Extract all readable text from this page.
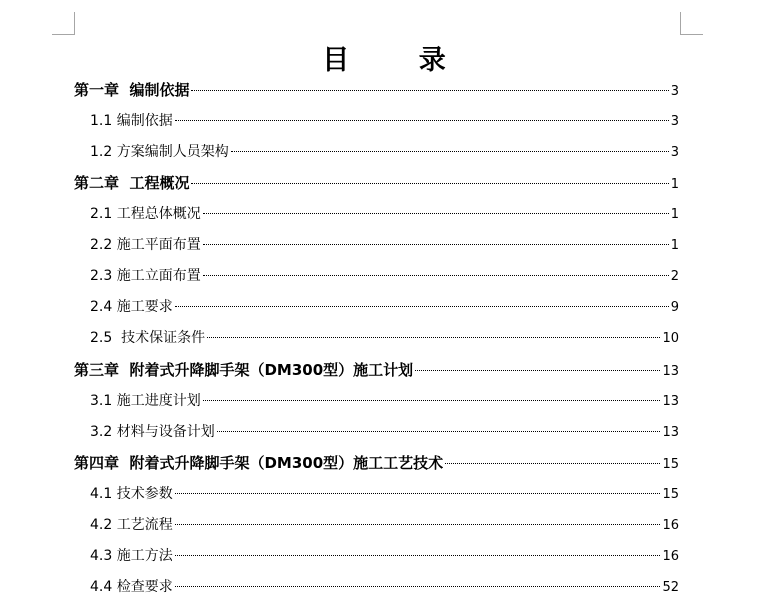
目 录
第一章  编制依据	3
1.1 编制依据	3
1.2 方案编制人员架构	3
第二章  工程概况	1
2.1 工程总体概况	1
2.2 施工平面布置	1
2.3 施工立面布置	2
2.4 施工要求	9
2.5  技术保证条件	10
第三章  附着式升降脚手架（DM300型）施工计划	13
3.1 施工进度计划	13
3.2 材料与设备计划	13
第四章  附着式升降脚手架（DM300型）施工工艺技术	15
4.1 技术参数	15
4.2 工艺流程	16
4.3 施工方法	16
4.4 检查要求	52
